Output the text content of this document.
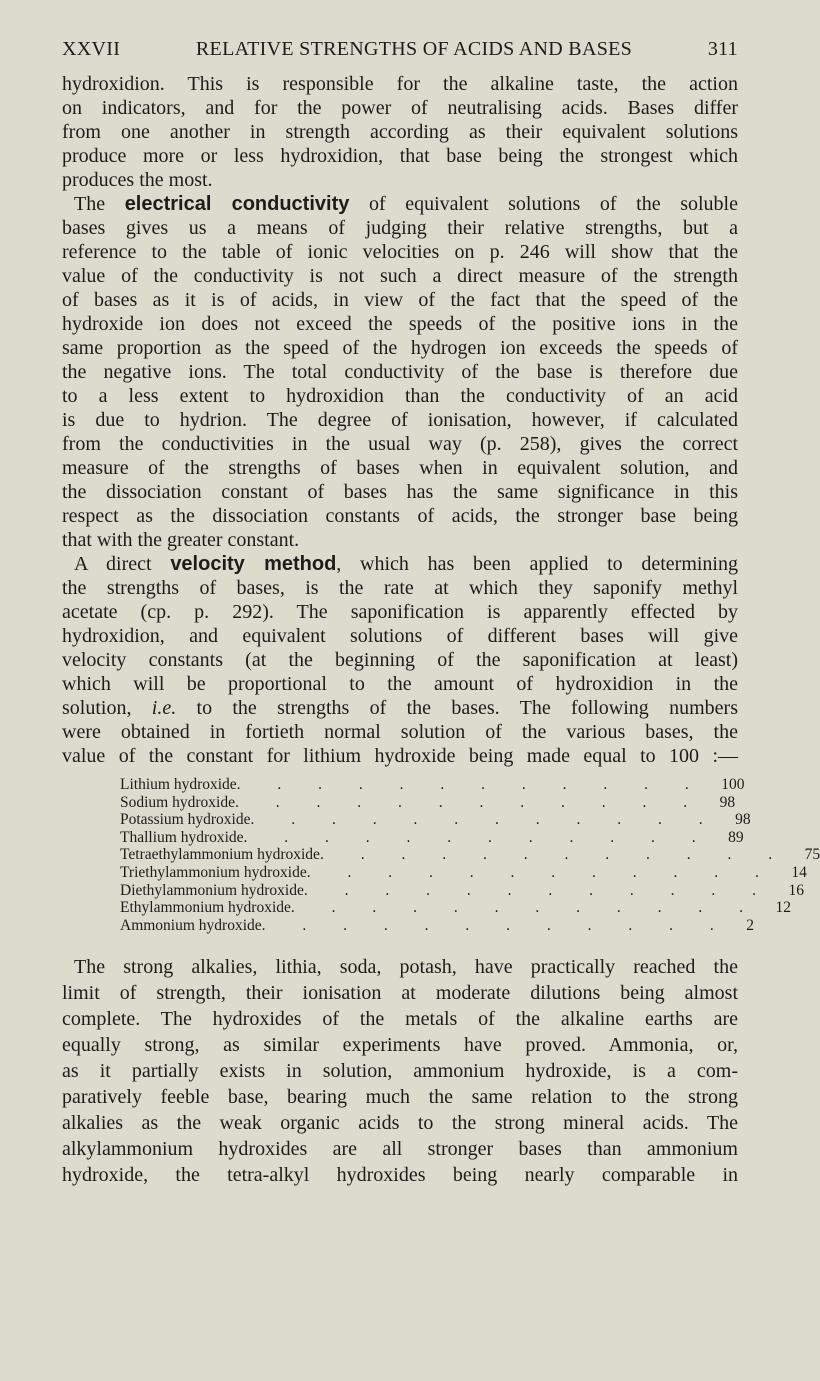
XXVII	RELATIVE STRENGTHS OF ACIDS AND BASES	311
hydroxidion. This is responsible for the alkaline taste, the action
on indicators, and for the power of neutralising acids. Bases differ
from one another in strength according as their equivalent solutions
produce more or less hydroxidion, that base being the strongest which
produces the most.
The electrical conductivity of equivalent solutions of the soluble
bases gives us a means of judging their relative strengths, but a
reference to the table of ionic velocities on p. 246 will show that the
value of the conductivity is not such a direct measure of the strength
of bases as it is of acids, in view of the fact that the speed of the
hydroxide ion does not exceed the speeds of the positive ions in the
same proportion as the speed of the hydrogen ion exceeds the speeds of
the negative ions. The total conductivity of the base is therefore due
to a less extent to hydroxidion than the conductivity of an acid
is due to hydrion. The degree of ionisation, however, if calculated
from the conductivities in the usual way (p. 258), gives the correct
measure of the strengths of bases when in equivalent solution, and
the dissociation constant of bases has the same significance in this
respect as the dissociation constants of acids, the stronger base being
that with the greater constant.
A direct velocity method, which has been applied to determining
the strengths of bases, is the rate at which they saponify methyl
acetate (cp. p. 292). The saponification is apparently effected by
hydroxidion, and equivalent solutions of different bases will give
velocity constants (at the beginning of the saponification at least)
which will be proportional to the amount of hydroxidion in the
solution, i.e. to the strengths of the bases. The following numbers
were obtained in fortieth normal solution of the various bases, the
value of the constant for lithium hydroxide being made equal to 100 :—
Lithium hydroxide . . . . . . . . . . . .	100
Sodium hydroxide . . . . . . . . . . . .	98
Potassium hydroxide . . . . . . . . . . . .	98
Thallium hydroxide . . . . . . . . . . . .	89
Tetraethylammonium hydroxide . . . . . . . . . . . .	75
Triethylammonium hydroxide . . . . . . . . . . . .	14
Diethylammonium hydroxide . . . . . . . . . . . .	16
Ethylammonium hydroxide . . . . . . . . . . . .	12
Ammonium hydroxide . . . . . . . . . . . .	2
The strong alkalies, lithia, soda, potash, have practically reached the
limit of strength, their ionisation at moderate dilutions being almost
complete. The hydroxides of the metals of the alkaline earths are
equally strong, as similar experiments have proved. Ammonia, or,
as it partially exists in solution, ammonium hydroxide, is a com-
paratively feeble base, bearing much the same relation to the strong
alkalies as the weak organic acids to the strong mineral acids. The
alkylammonium hydroxides are all stronger bases than ammonium
hydroxide, the tetra-alkyl hydroxides being nearly comparable in
